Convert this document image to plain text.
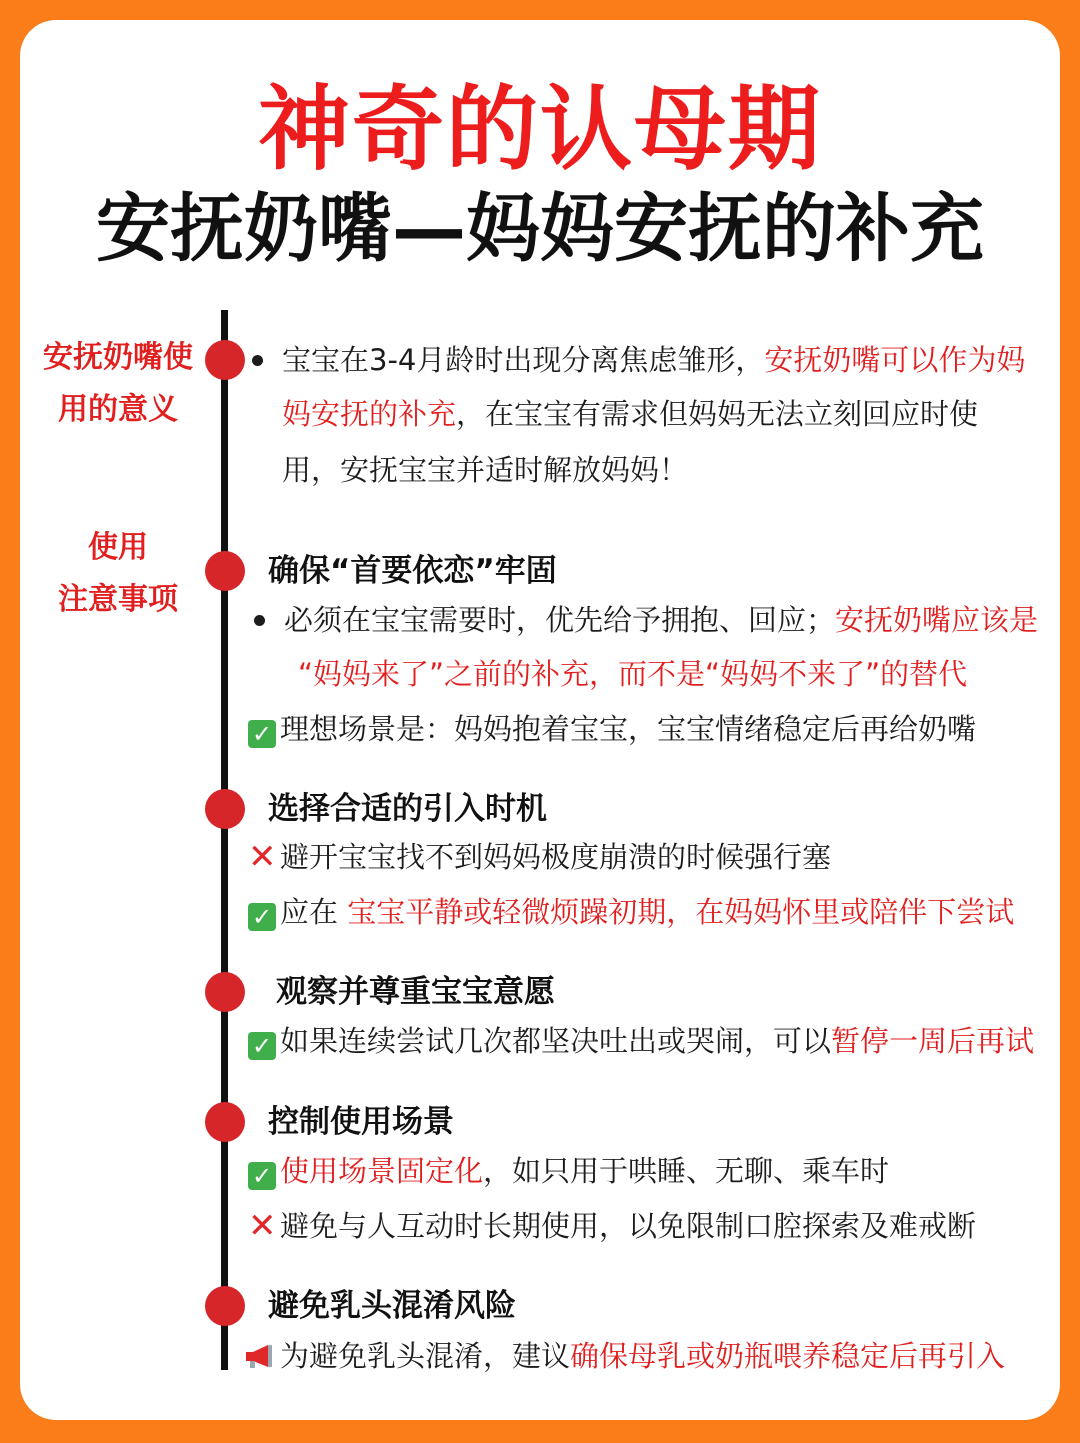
神奇的认母期
安抚奶嘴—妈妈安抚的补充
安抚奶嘴使
用的意义
使用
注意事项
宝宝在3-4月龄时出现分离焦虑雏形，安抚奶嘴可以作为妈
妈安抚的补充，在宝宝有需求但妈妈无法立刻回应时使
用，安抚宝宝并适时解放妈妈！
确保“首要依恋”牢固
必须在宝宝需要时，优先给予拥抱、回应；安抚奶嘴应该是
“妈妈来了”之前的补充，而不是“妈妈不来了”的替代
✓ 理想场景是：妈妈抱着宝宝，宝宝情绪稳定后再给奶嘴
选择合适的引入时机
✕ 避开宝宝找不到妈妈极度崩溃的时候强行塞
✓ 应在 宝宝平静或轻微烦躁初期，在妈妈怀里或陪伴下尝试
观察并尊重宝宝意愿
✓ 如果连续尝试几次都坚决吐出或哭闹，可以暂停一周后再试
控制使用场景
✓ 使用场景固定化，如只用于哄睡、无聊、乘车时
✕ 避免与人互动时长期使用，以免限制口腔探索及难戒断
避免乳头混淆风险
为避免乳头混淆，建议确保母乳或奶瓶喂养稳定后再引入
